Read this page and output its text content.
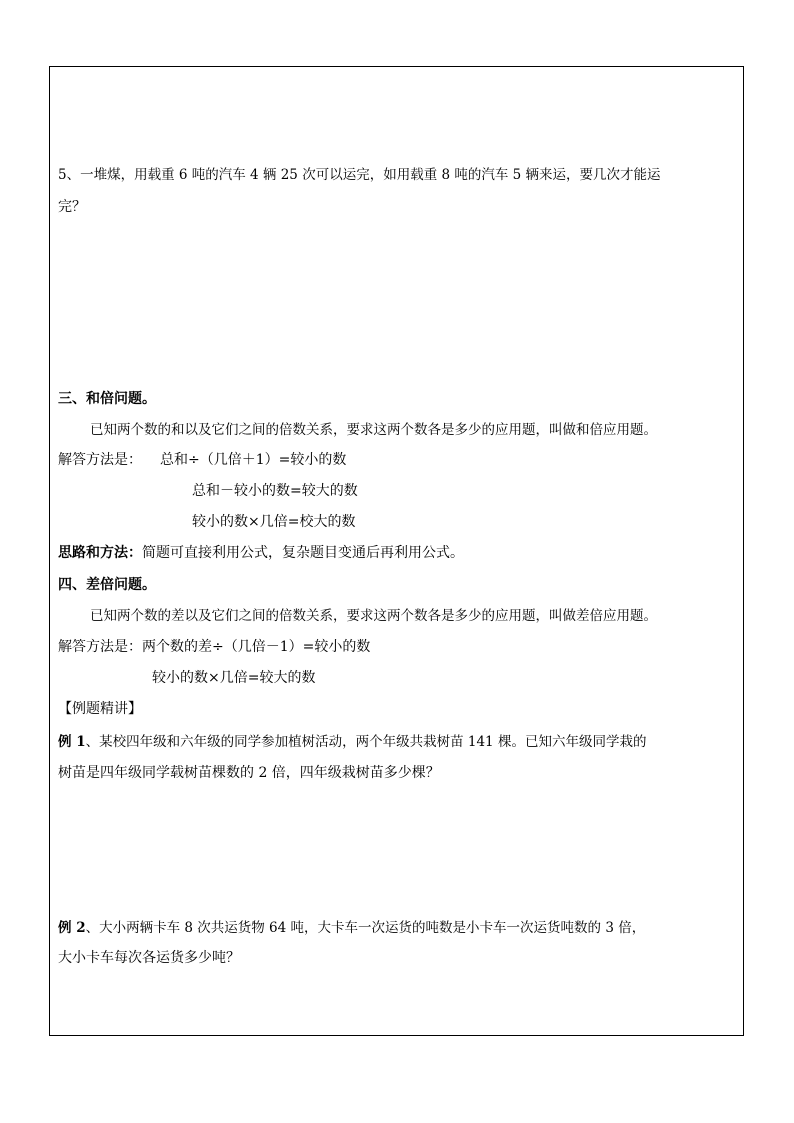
5、一堆煤，用载重 6 吨的汽车 4 辆 25 次可以运完，如用载重 8 吨的汽车 5 辆来运，要几次才能运
完？
三、和倍问题。
已知两个数的和以及它们之间的倍数关系，要求这两个数各是多少的应用题，叫做和倍应用题。
解答方法是： 总和÷（几倍＋1）=较小的数
总和－较小的数=较大的数
较小的数×几倍=校大的数
思路和方法：简题可直接利用公式，复杂题目变通后再利用公式。
四、差倍问题。
已知两个数的差以及它们之间的倍数关系，要求这两个数各是多少的应用题，叫做差倍应用题。
解答方法是：两个数的差÷（几倍－1）=较小的数
较小的数×几倍=较大的数
【例题精讲】
例 1、某校四年级和六年级的同学参加植树活动，两个年级共栽树苗 141 棵。已知六年级同学栽的
树苗是四年级同学载树苗棵数的 2 倍，四年级栽树苗多少棵？
例 2、大小两辆卡车 8 次共运货物 64 吨，大卡车一次运货的吨数是小卡车一次运货吨数的 3 倍，
大小卡车每次各运货多少吨？
